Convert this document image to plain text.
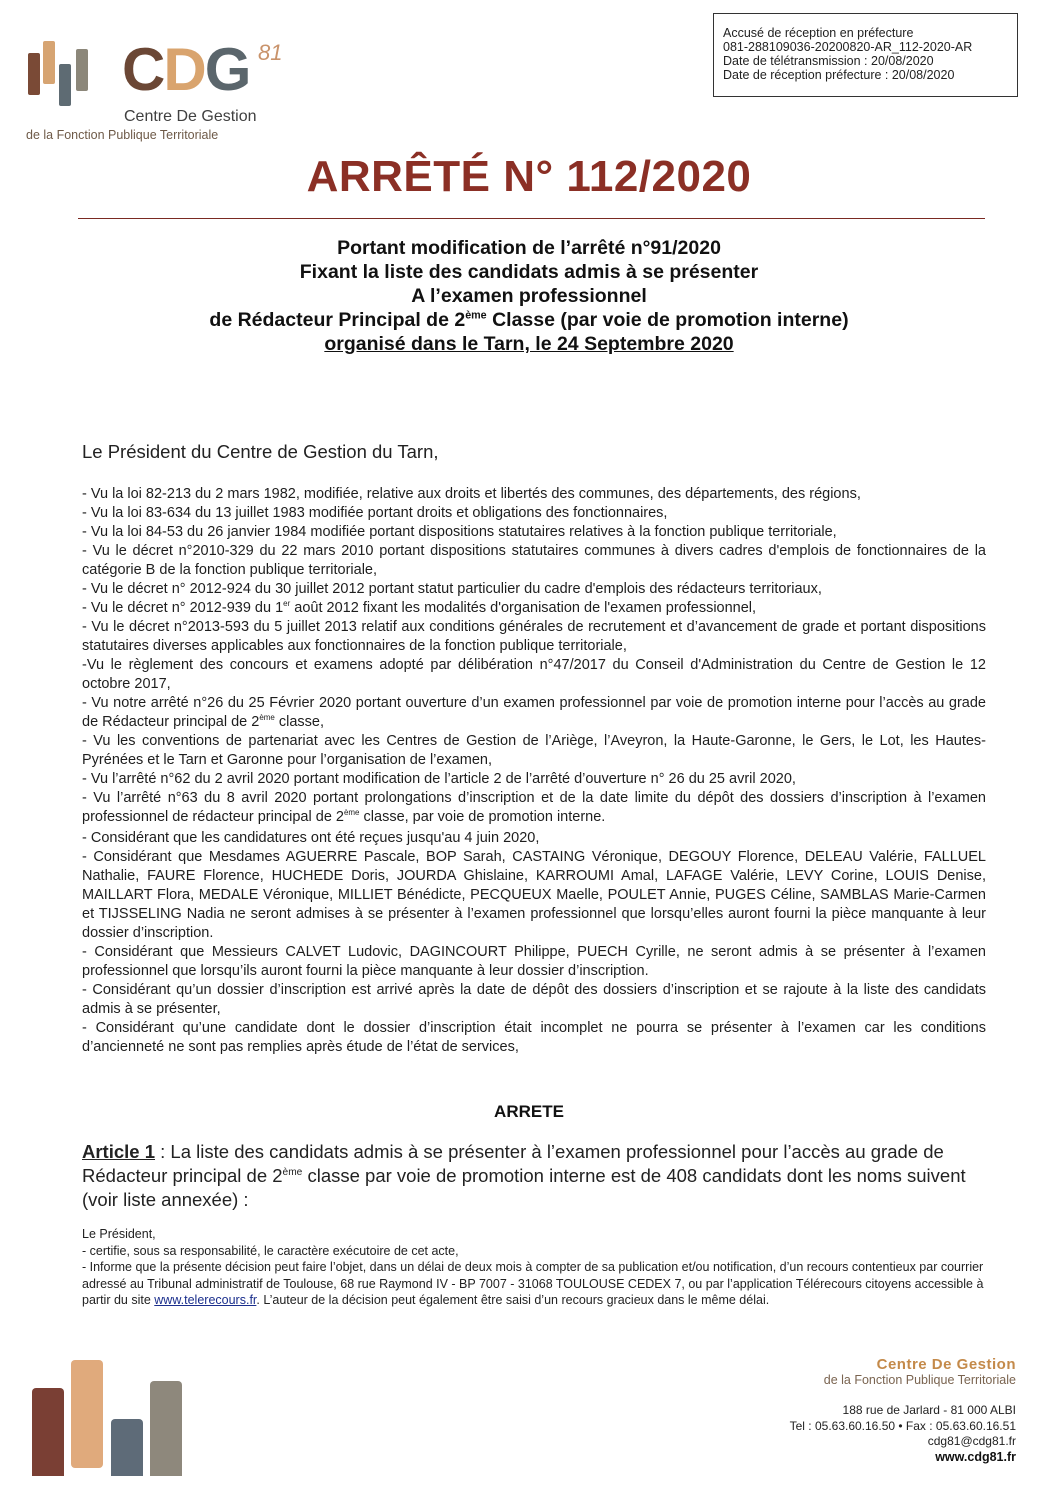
CDG 81
Centre De Gestion
de la Fonction Publique Territoriale
Accusé de réception en préfecture
081-288109036-20200820-AR_112-2020-AR
Date de télétransmission : 20/08/2020
Date de réception préfecture : 20/08/2020
ARRÊTÉ N° 112/2020
Portant modification de l’arrêté n°91/2020
Fixant la liste des candidats admis à se présenter
A l’examen professionnel
de Rédacteur Principal de 2ème Classe (par voie de promotion interne)
organisé dans le Tarn, le 24 Septembre 2020
Le Président du Centre de Gestion du Tarn,

- Vu la loi 82-213 du 2 mars 1982, modifiée, relative aux droits et libertés des communes, des départements, des régions,

- Vu la loi 83-634 du 13 juillet 1983 modifiée portant droits et obligations des fonctionnaires,

- Vu la loi 84-53 du 26 janvier 1984 modifiée portant dispositions statutaires relatives à la fonction publique territoriale,

- Vu le décret n°2010-329 du 22 mars 2010 portant dispositions statutaires communes à divers cadres d'emplois de fonctionnaires de la catégorie B de la fonction publique territoriale,

- Vu le décret n° 2012-924 du 30 juillet 2012 portant statut particulier du cadre d'emplois des rédacteurs territoriaux,

- Vu le décret n° 2012-939 du 1er août 2012 fixant les modalités d'organisation de l'examen professionnel,

- Vu le décret n°2013-593 du 5 juillet 2013 relatif aux conditions générales de recrutement et d’avancement de grade et portant dispositions statutaires diverses applicables aux fonctionnaires de la fonction publique territoriale,

-Vu le règlement des concours et examens adopté par délibération n°47/2017 du Conseil d'Administration du Centre de Gestion le 12 octobre 2017,

- Vu notre arrêté n°26 du 25 Février 2020 portant ouverture d’un examen professionnel par voie de promotion interne pour l’accès au grade de Rédacteur principal de 2ème classe,

- Vu les conventions de partenariat avec les Centres de Gestion de l’Ariège, l’Aveyron, la Haute-Garonne, le Gers, le Lot, les Hautes-Pyrénées et le Tarn et Garonne pour l’organisation de l’examen,

- Vu l’arrêté n°62 du 2 avril 2020 portant modification de l’article 2 de l’arrêté d’ouverture n° 26 du 25 avril 2020,

- Vu l’arrêté n°63 du 8 avril 2020 portant prolongations d’inscription et de la date limite du dépôt des dossiers d’inscription à l’examen professionnel de rédacteur principal de 2ème classe, par voie de promotion interne.

- Considérant que les candidatures ont été reçues jusqu'au 4 juin 2020,

- Considérant que Mesdames AGUERRE Pascale, BOP Sarah, CASTAING Véronique, DEGOUY Florence, DELEAU Valérie, FALLUEL Nathalie, FAURE Florence, HUCHEDE Doris, JOURDA Ghislaine, KARROUMI Amal, LAFAGE Valérie, LEVY Corine, LOUIS Denise, MAILLART Flora, MEDALE Véronique, MILLIET Bénédicte, PECQUEUX Maelle, POULET Annie, PUGES Céline, SAMBLAS Marie-Carmen et TIJSSELING Nadia ne seront admises à se présenter à l’examen professionnel que lorsqu’elles auront fourni la pièce manquante à leur dossier d’inscription.

- Considérant que Messieurs CALVET Ludovic, DAGINCOURT Philippe, PUECH Cyrille, ne seront admis à se présenter à l’examen professionnel que lorsqu’ils auront fourni la pièce manquante à leur dossier d’inscription.

- Considérant qu’un dossier d’inscription est arrivé après la date de dépôt des dossiers d’inscription et se rajoute à la liste des candidats admis à se présenter,

- Considérant qu’une candidate dont le dossier d’inscription était incomplet ne pourra se présenter à l’examen car les conditions d’ancienneté ne sont pas remplies après étude de l’état de services,

ARRETE
Article 1 : La liste des candidats admis à se présenter à l’examen professionnel pour l’accès au grade de Rédacteur principal de 2ème classe par voie de promotion interne est de 408 candidats dont les noms suivent (voir liste annexée) :

Le Président,

- certifie, sous sa responsabilité, le caractère exécutoire de cet acte,

- Informe que la présente décision peut faire l’objet, dans un délai de deux mois à compter de sa publication et/ou notification, d’un recours contentieux par courrier adressé au Tribunal administratif de Toulouse, 68 rue Raymond IV - BP 7007 - 31068 TOULOUSE CEDEX 7, ou par l’application Télérecours citoyens accessible à partir du site www.telerecours.fr. L’auteur de la décision peut également être saisi d’un recours gracieux dans le même délai.

Centre De Gestion
de la Fonction Publique Territoriale
188 rue de Jarlard - 81 000 ALBI
Tel : 05.63.60.16.50 • Fax : 05.63.60.16.51
cdg81@cdg81.fr
www.cdg81.fr
